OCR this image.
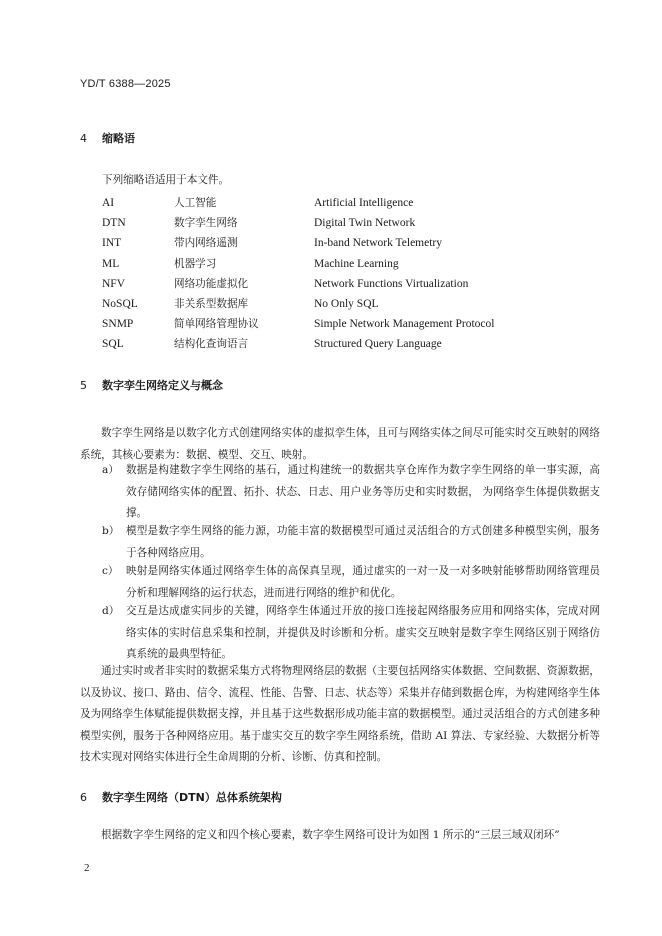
YD/T 6388—2025
4 缩略语
下列缩略语适用于本文件。
AI	人工智能	Artificial Intelligence
DTN	数字孪生网络	Digital Twin Network
INT	带内网络遥测	In-band Network Telemetry
ML	机器学习	Machine Learning
NFV	网络功能虚拟化	Network Functions Virtualization
NoSQL	非关系型数据库	No Only SQL
SNMP	简单网络管理协议	Simple Network Management Protocol
SQL	结构化查询语言	Structured Query Language
5 数字孪生网络定义与概念
数字孪生网络是以数字化方式创建网络实体的虚拟孪生体，且可与网络实体之间尽可能实时交互映射的网络系统，其核心要素为：数据、模型、交互、映射。
a） 数据是构建数字孪生网络的基石，通过构建统一的数据共享仓库作为数字孪生网络的单一事实源，高效存储网络实体的配置、拓扑、状态、日志、用户业务等历史和实时数据， 为网络孪生体提供数据支撑。
b） 模型是数字孪生网络的能力源，功能丰富的数据模型可通过灵活组合的方式创建多种模型实例，服务于各种网络应用。
c） 映射是网络实体通过网络孪生体的高保真呈现，通过虚实的一对一及一对多映射能够帮助网络管理员分析和理解网络的运行状态，进而进行网络的维护和优化。
d） 交互是达成虚实同步的关键，网络孪生体通过开放的接口连接起网络服务应用和网络实体，完成对网络实体的实时信息采集和控制，并提供及时诊断和分析。虚实交互映射是数字孪生网络区别于网络仿真系统的最典型特征。
通过实时或者非实时的数据采集方式将物理网络层的数据（主要包括网络实体数据、空间数据、资源数据，以及协议、接口、路由、信令、流程、性能、告警、日志、状态等）采集并存储到数据仓库，为构建网络孪生体及为网络孪生体赋能提供数据支撑，并且基于这些数据形成功能丰富的数据模型。通过灵活组合的方式创建多种模型实例，服务于各种网络应用。基于虚实交互的数字孪生网络系统，借助 AI 算法、专家经验、大数据分析等技术实现对网络实体进行全生命周期的分析、诊断、仿真和控制。
6 数字孪生网络（DTN）总体系统架构
根据数字孪生网络的定义和四个核心要素，数字孪生网络可设计为如图 1 所示的“三层三域双闭环”
2
